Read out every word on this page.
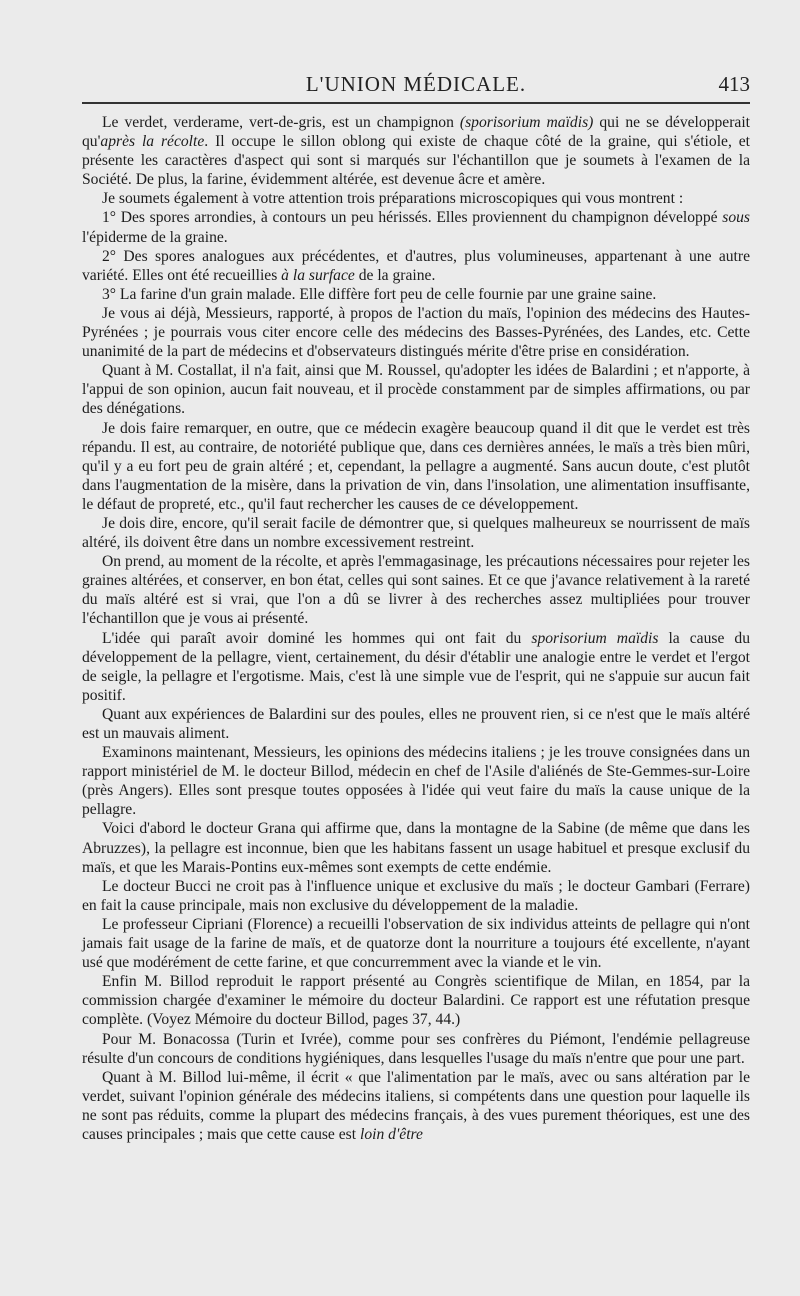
L'UNION MÉDICALE.	413

Le verdet, verderame, vert-de-gris, est un champignon (sporisorium maïdis) qui ne se développerait qu'après la récolte. Il occupe le sillon oblong qui existe de chaque côté de la graine, qui s'étiole, et présente les caractères d'aspect qui sont si marqués sur l'échantillon que je soumets à l'examen de la Société. De plus, la farine, évidemment altérée, est devenue âcre et amère.

Je soumets également à votre attention trois préparations microscopiques qui vous montrent :

1° Des spores arrondies, à contours un peu hérissés. Elles proviennent du champignon développé sous l'épiderme de la graine.

2° Des spores analogues aux précédentes, et d'autres, plus volumineuses, appartenant à une autre variété. Elles ont été recueillies à la surface de la graine.

3° La farine d'un grain malade. Elle diffère fort peu de celle fournie par une graine saine.

Je vous ai déjà, Messieurs, rapporté, à propos de l'action du maïs, l'opinion des médecins des Hautes-Pyrénées ; je pourrais vous citer encore celle des médecins des Basses-Pyrénées, des Landes, etc. Cette unanimité de la part de médecins et d'observateurs distingués mérite d'être prise en considération.

Quant à M. Costallat, il n'a fait, ainsi que M. Roussel, qu'adopter les idées de Balardini ; et n'apporte, à l'appui de son opinion, aucun fait nouveau, et il procède constamment par de simples affirmations, ou par des dénégations.

Je dois faire remarquer, en outre, que ce médecin exagère beaucoup quand il dit que le verdet est très répandu. Il est, au contraire, de notoriété publique que, dans ces dernières années, le maïs a très bien mûri, qu'il y a eu fort peu de grain altéré ; et, cependant, la pellagre a augmenté. Sans aucun doute, c'est plutôt dans l'augmentation de la misère, dans la privation de vin, dans l'insolation, une alimentation insuffisante, le défaut de propreté, etc., qu'il faut rechercher les causes de ce développement.

Je dois dire, encore, qu'il serait facile de démontrer que, si quelques malheureux se nourrissent de maïs altéré, ils doivent être dans un nombre excessivement restreint.

On prend, au moment de la récolte, et après l'emmagasinage, les précautions nécessaires pour rejeter les graines altérées, et conserver, en bon état, celles qui sont saines. Et ce que j'avance relativement à la rareté du maïs altéré est si vrai, que l'on a dû se livrer à des recherches assez multipliées pour trouver l'échantillon que je vous ai présenté.

L'idée qui paraît avoir dominé les hommes qui ont fait du sporisorium maïdis la cause du développement de la pellagre, vient, certainement, du désir d'établir une analogie entre le verdet et l'ergot de seigle, la pellagre et l'ergotisme. Mais, c'est là une simple vue de l'esprit, qui ne s'appuie sur aucun fait positif.

Quant aux expériences de Balardini sur des poules, elles ne prouvent rien, si ce n'est que le maïs altéré est un mauvais aliment.

Examinons maintenant, Messieurs, les opinions des médecins italiens ; je les trouve consignées dans un rapport ministériel de M. le docteur Billod, médecin en chef de l'Asile d'aliénés de Ste-Gemmes-sur-Loire (près Angers). Elles sont presque toutes opposées à l'idée qui veut faire du maïs la cause unique de la pellagre.

Voici d'abord le docteur Grana qui affirme que, dans la montagne de la Sabine (de même que dans les Abruzzes), la pellagre est inconnue, bien que les habitans fassent un usage habituel et presque exclusif du maïs, et que les Marais-Pontins eux-mêmes sont exempts de cette endémie.

Le docteur Bucci ne croit pas à l'influence unique et exclusive du maïs ; le docteur Gambari (Ferrare) en fait la cause principale, mais non exclusive du développement de la maladie.

Le professeur Cipriani (Florence) a recueilli l'observation de six individus atteints de pellagre qui n'ont jamais fait usage de la farine de maïs, et de quatorze dont la nourriture a toujours été excellente, n'ayant usé que modérément de cette farine, et que concurremment avec la viande et le vin.

Enfin M. Billod reproduit le rapport présenté au Congrès scientifique de Milan, en 1854, par la commission chargée d'examiner le mémoire du docteur Balardini. Ce rapport est une réfutation presque complète. (Voyez Mémoire du docteur Billod, pages 37, 44.)

Pour M. Bonacossa (Turin et Ivrée), comme pour ses confrères du Piémont, l'endémie pellagreuse résulte d'un concours de conditions hygiéniques, dans lesquelles l'usage du maïs n'entre que pour une part.

Quant à M. Billod lui-même, il écrit « que l'alimentation par le maïs, avec ou sans altération par le verdet, suivant l'opinion générale des médecins italiens, si compétents dans une question pour laquelle ils ne sont pas réduits, comme la plupart des médecins français, à des vues purement théoriques, est une des causes principales ; mais que cette cause est loin d'être
